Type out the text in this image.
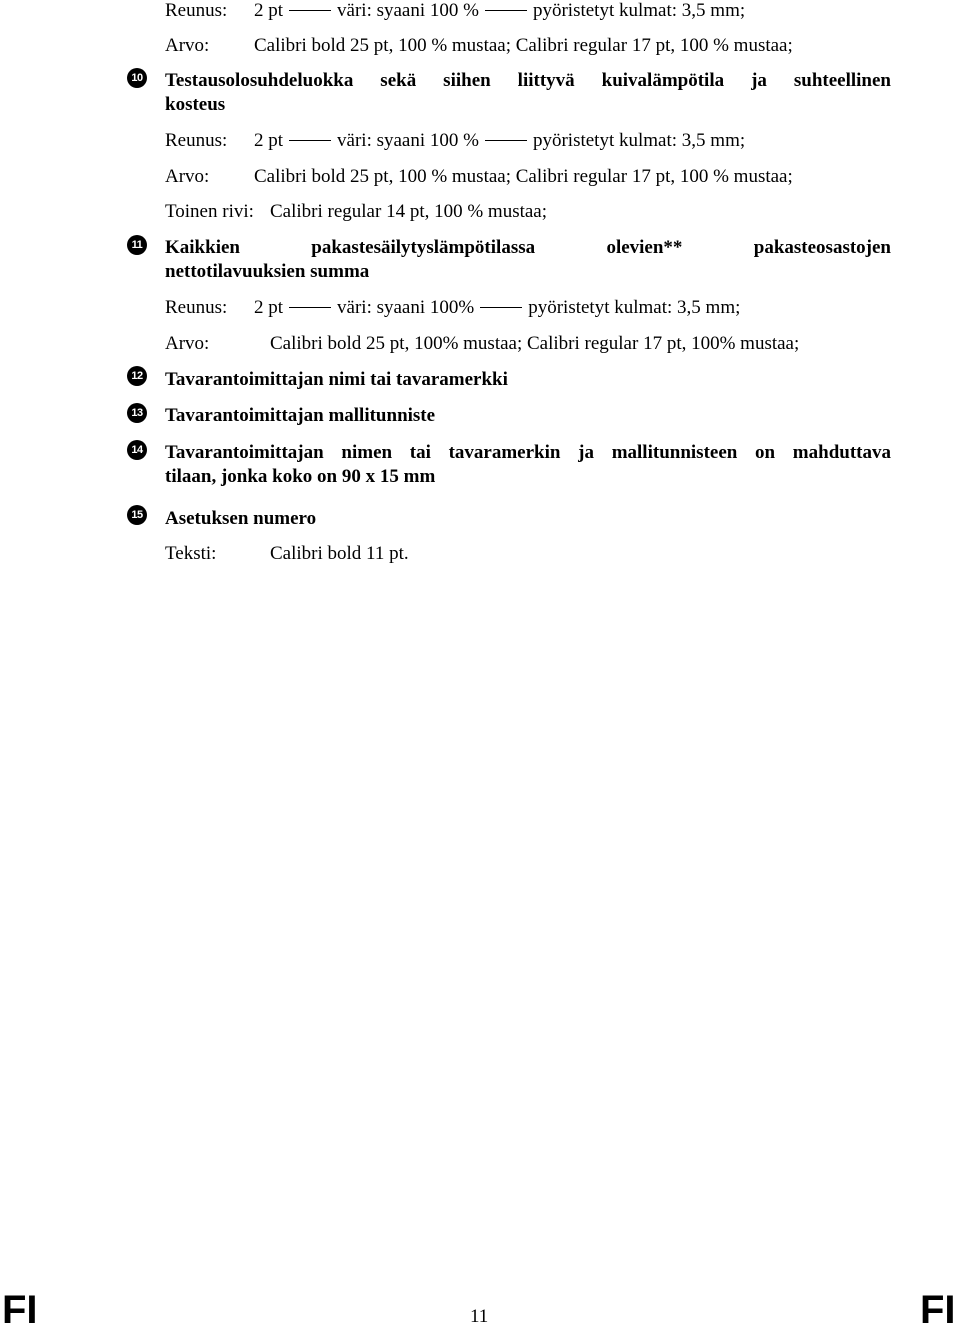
Reunus: 2 pt	väri: syaani 100 %	pyöristetyt kulmat: 3,5 mm;
Arvo: Calibri bold 25 pt, 100 % mustaa; Calibri regular 17 pt, 100 % mustaa;
10 Testausolosuhdeluokka sekä siihen liittyvä kuivalämpötila ja suhteellinen
kosteus
Reunus: 2 pt	väri: syaani 100 %	pyöristetyt kulmat: 3,5 mm;
Arvo: Calibri bold 25 pt, 100 % mustaa; Calibri regular 17 pt, 100 % mustaa;
Toinen rivi: Calibri regular 14 pt, 100 % mustaa;
11 Kaikkien pakastesäilytyslämpötilassa olevien** pakasteosastojen
nettotilavuuksien summa
Reunus: 2 pt	väri: syaani 100%	pyöristetyt kulmat: 3,5 mm;
Arvo:	Calibri bold 25 pt, 100% mustaa; Calibri regular 17 pt, 100% mustaa;
12 Tavarantoimittajan nimi tai tavaramerkki
13 Tavarantoimittajan mallitunniste
14 Tavarantoimittajan nimen tai tavaramerkin ja mallitunnisteen on mahduttava
tilaan, jonka koko on 90 x 15 mm
15 Asetuksen numero
Teksti:	Calibri bold 11 pt.
FI	11	FI
